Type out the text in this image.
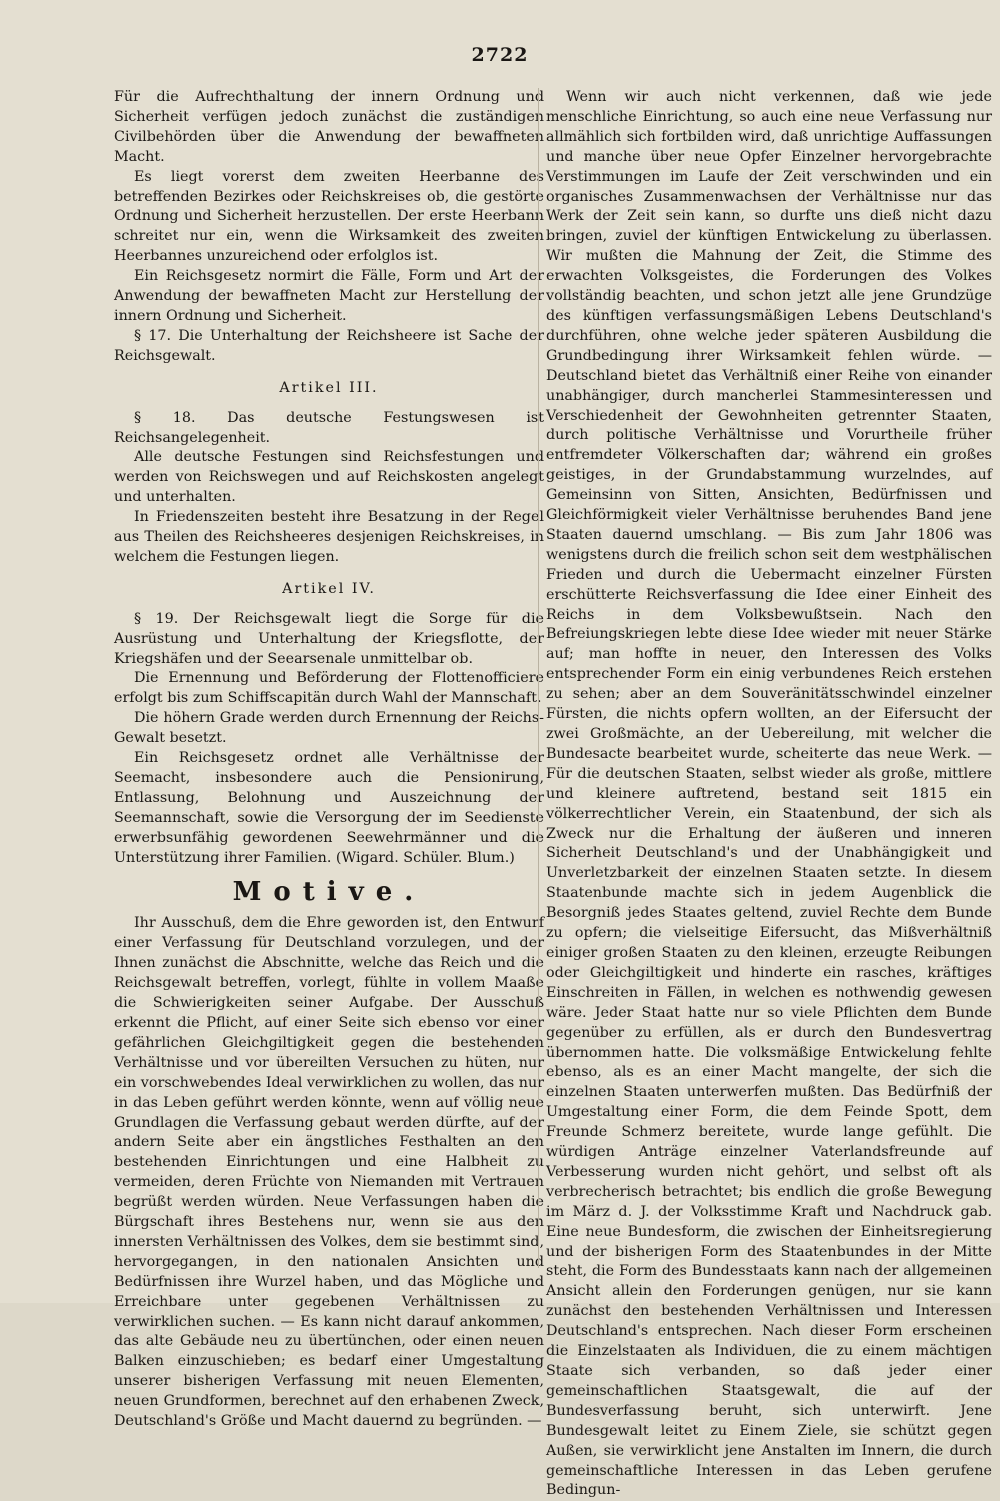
2722

Für die Aufrechthaltung der innern Ordnung und Sicherheit verfügen jedoch zunächst die zuständigen Civilbehörden über die Anwendung der bewaffneten Macht.

Es liegt vorerst dem zweiten Heerbanne des betreffenden Bezirkes oder Reichskreises ob, die gestörte Ordnung und Sicherheit herzustellen. Der erste Heerbann schreitet nur ein, wenn die Wirksamkeit des zweiten Heerbannes unzureichend oder erfolglos ist.

Ein Reichsgesetz normirt die Fälle, Form und Art der Anwendung der bewaffneten Macht zur Herstellung der innern Ordnung und Sicherheit.

§ 17. Die Unterhaltung der Reichsheere ist Sache der Reichsgewalt.

Artikel III.

§ 18. Das deutsche Festungswesen ist Reichsangelegenheit.

Alle deutsche Festungen sind Reichsfestungen und werden von Reichswegen und auf Reichskosten angelegt und unterhalten.

In Friedenszeiten besteht ihre Besatzung in der Regel aus Theilen des Reichsheeres desjenigen Reichskreises, in welchem die Festungen liegen.

Artikel IV.

§ 19. Der Reichsgewalt liegt die Sorge für die Ausrüstung und Unterhaltung der Kriegsflotte, der Kriegshäfen und der Seearsenale unmittelbar ob.

Die Ernennung und Beförderung der Flottenofficiere erfolgt bis zum Schiffscapitän durch Wahl der Mannschaft.

Die höhern Grade werden durch Ernennung der Reichs-Gewalt besetzt.

Ein Reichsgesetz ordnet alle Verhältnisse der Seemacht, insbesondere auch die Pensionirung, Entlassung, Belohnung und Auszeichnung der Seemannschaft, sowie die Versorgung der im Seedienste erwerbsunfähig gewordenen Seewehrmänner und die Unterstützung ihrer Familien. (Wigard. Schüler. Blum.)

Motive.

Ihr Ausschuß, dem die Ehre geworden ist, den Entwurf einer Verfassung für Deutschland vorzulegen, und der Ihnen zunächst die Abschnitte, welche das Reich und die Reichsgewalt betreffen, vorlegt, fühlte in vollem Maaße die Schwierigkeiten seiner Aufgabe. Der Ausschuß erkennt die Pflicht, auf einer Seite sich ebenso vor einer gefährlichen Gleichgiltigkeit gegen die bestehenden Verhältnisse und vor übereilten Versuchen zu hüten, nur ein vorschwebendes Ideal verwirklichen zu wollen, das nur in das Leben geführt werden könnte, wenn auf völlig neue Grundlagen die Verfassung gebaut werden dürfte, auf der andern Seite aber ein ängstliches Festhalten an den bestehenden Einrichtungen und eine Halbheit zu vermeiden, deren Früchte von Niemanden mit Vertrauen begrüßt werden würden. Neue Verfassungen haben die Bürgschaft ihres Bestehens nur, wenn sie aus den innersten Verhältnissen des Volkes, dem sie bestimmt sind, hervorgegangen, in den nationalen Ansichten und Bedürfnissen ihre Wurzel haben, und das Mögliche und Erreichbare unter gegebenen Verhältnissen zu verwirklichen suchen. — Es kann nicht darauf ankommen, das alte Gebäude neu zu übertünchen, oder einen neuen Balken einzuschieben; es bedarf einer Umgestaltung unserer bisherigen Verfassung mit neuen Elementen, neuen Grundformen, berechnet auf den erhabenen Zweck, Deutschland's Größe und Macht dauernd zu begründen. —

Wenn wir auch nicht verkennen, daß wie jede menschliche Einrichtung, so auch eine neue Verfassung nur allmählich sich fortbilden wird, daß unrichtige Auffassungen und manche über neue Opfer Einzelner hervorgebrachte Verstimmungen im Laufe der Zeit verschwinden und ein organisches Zusammenwachsen der Verhältnisse nur das Werk der Zeit sein kann, so durfte uns dieß nicht dazu bringen, zuviel der künftigen Entwickelung zu überlassen. Wir mußten die Mahnung der Zeit, die Stimme des erwachten Volksgeistes, die Forderungen des Volkes vollständig beachten, und schon jetzt alle jene Grundzüge des künftigen verfassungsmäßigen Lebens Deutschland's durchführen, ohne welche jeder späteren Ausbildung die Grundbedingung ihrer Wirksamkeit fehlen würde. — Deutschland bietet das Verhältniß einer Reihe von einander unabhängiger, durch mancherlei Stammesinteressen und Verschiedenheit der Gewohnheiten getrennter Staaten, durch politische Verhältnisse und Vorurtheile früher entfremdeter Völkerschaften dar; während ein großes geistiges, in der Grundabstammung wurzelndes, auf Gemeinsinn von Sitten, Ansichten, Bedürfnissen und Gleichförmigkeit vieler Verhältnisse beruhendes Band jene Staaten dauernd umschlang. — Bis zum Jahr 1806 was wenigstens durch die freilich schon seit dem westphälischen Frieden und durch die Uebermacht einzelner Fürsten erschütterte Reichsverfassung die Idee einer Einheit des Reichs in dem Volksbewußtsein. Nach den Befreiungskriegen lebte diese Idee wieder mit neuer Stärke auf; man hoffte in neuer, den Interessen des Volks entsprechender Form ein einig verbundenes Reich erstehen zu sehen; aber an dem Souveränitätsschwindel einzelner Fürsten, die nichts opfern wollten, an der Eifersucht der zwei Großmächte, an der Uebereilung, mit welcher die Bundesacte bearbeitet wurde, scheiterte das neue Werk. — Für die deutschen Staaten, selbst wieder als große, mittlere und kleinere auftretend, bestand seit 1815 ein völkerrechtlicher Verein, ein Staatenbund, der sich als Zweck nur die Erhaltung der äußeren und inneren Sicherheit Deutschland's und der Unabhängigkeit und Unverletzbarkeit der einzelnen Staaten setzte. In diesem Staatenbunde machte sich in jedem Augenblick die Besorgniß jedes Staates geltend, zuviel Rechte dem Bunde zu opfern; die vielseitige Eifersucht, das Mißverhältniß einiger großen Staaten zu den kleinen, erzeugte Reibungen oder Gleichgiltigkeit und hinderte ein rasches, kräftiges Einschreiten in Fällen, in welchen es nothwendig gewesen wäre. Jeder Staat hatte nur so viele Pflichten dem Bunde gegenüber zu erfüllen, als er durch den Bundesvertrag übernommen hatte. Die volksmäßige Entwickelung fehlte ebenso, als es an einer Macht mangelte, der sich die einzelnen Staaten unterwerfen mußten. Das Bedürfniß der Umgestaltung einer Form, die dem Feinde Spott, dem Freunde Schmerz bereitete, wurde lange gefühlt. Die würdigen Anträge einzelner Vaterlandsfreunde auf Verbesserung wurden nicht gehört, und selbst oft als verbrecherisch betrachtet; bis endlich die große Bewegung im März d. J. der Volksstimme Kraft und Nachdruck gab. Eine neue Bundesform, die zwischen der Einheitsregierung und der bisherigen Form des Staatenbundes in der Mitte steht, die Form des Bundesstaats kann nach der allgemeinen Ansicht allein den Forderungen genügen, nur sie kann zunächst den bestehenden Verhältnissen und Interessen Deutschland's entsprechen. Nach dieser Form erscheinen die Einzelstaaten als Individuen, die zu einem mächtigen Staate sich verbanden, so daß jeder einer gemeinschaftlichen Staatsgewalt, die auf der Bundesverfassung beruht, sich unterwirft. Jene Bundesgewalt leitet zu Einem Ziele, sie schützt gegen Außen, sie verwirklicht jene Anstalten im Innern, die durch gemeinschaftliche Interessen in das Leben gerufene Bedingun-
